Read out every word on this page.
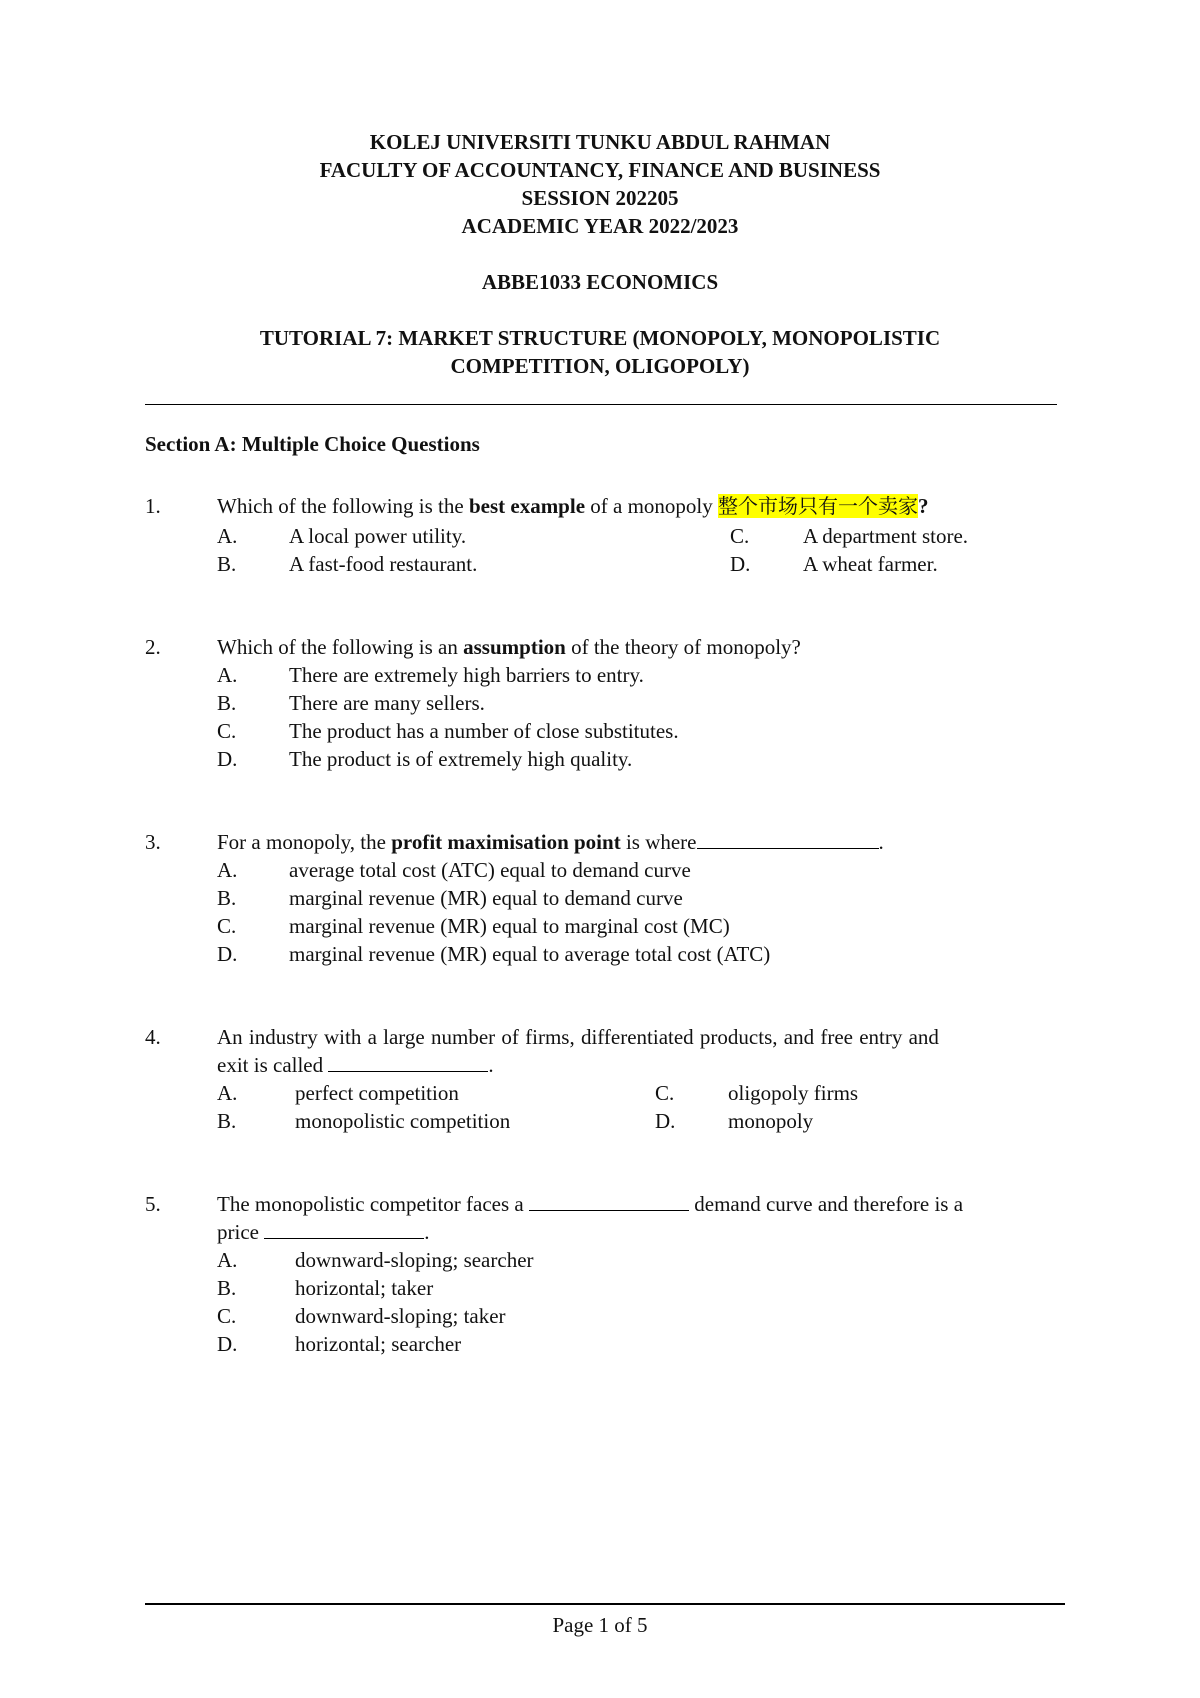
KOLEJ UNIVERSITI TUNKU ABDUL RAHMAN
FACULTY OF ACCOUNTANCY, FINANCE AND BUSINESS
SESSION 202205
ACADEMIC YEAR 2022/2023
ABBE1033 ECONOMICS
TUTORIAL 7: MARKET STRUCTURE (MONOPOLY, MONOPOLISTIC
COMPETITION, OLIGOPOLY)
Section A: Multiple Choice Questions
1.	Which of the following is the best example of a monopoly 整个市场只有一个卖家?
A. A local power utility.
B.	A fast-food restaurant.
C.	A department store.
D.	A wheat farmer.
2.	Which of the following is an assumption of the theory of monopoly?
A. There are extremely high barriers to entry.
B.	There are many sellers.
C.	The product has a number of close substitutes.
D. The product is of extremely high quality.
3.	For a monopoly, the profit maximisation point is where	.
A. average total cost (ATC) equal to demand curve
B.	marginal revenue (MR) equal to demand curve
C.	marginal revenue (MR) equal to marginal cost (MC)
D. marginal revenue (MR) equal to average total cost (ATC)
4.	An industry with a large number of firms, differentiated products, and free entry and
exit is called	.
A.	perfect competition
B.	monopolistic competition
C.	oligopoly firms
D.	monopoly
5.	The monopolistic competitor faces a	demand curve and therefore is a
price	.
A.	downward-sloping; searcher
B.	horizontal; taker
C.	downward-sloping; taker
D.	horizontal; searcher
Page 1 of 5
